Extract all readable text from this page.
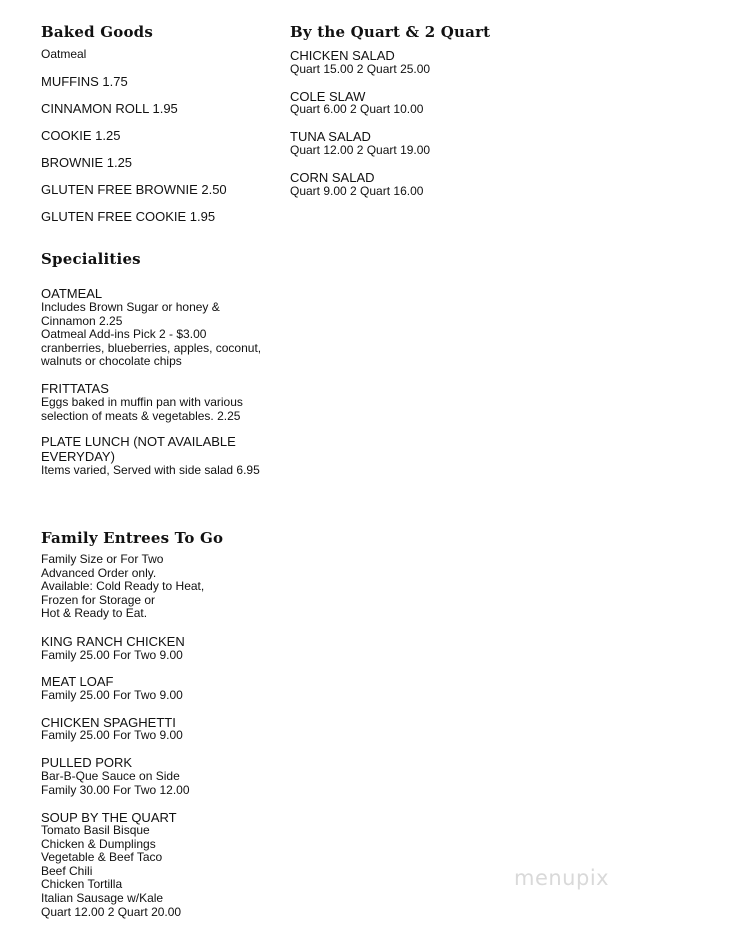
Baked Goods
Oatmeal
MUFFINS 1.75
CINNAMON ROLL 1.95
COOKIE 1.25
BROWNIE 1.25
GLUTEN FREE BROWNIE 2.50
GLUTEN FREE COOKIE 1.95
Specialities
OATMEAL
Includes Brown Sugar or honey &
Cinnamon 2.25
Oatmeal Add-ins Pick 2 - $3.00
cranberries, blueberries, apples, coconut,
walnuts or chocolate chips
FRITTATAS
Eggs baked in muffin pan with various
selection of meats & vegetables. 2.25
PLATE LUNCH (NOT AVAILABLE
EVERYDAY)
Items varied, Served with side salad 6.95
Family Entrees To Go
Family Size or For Two
Advanced Order only.
Available: Cold Ready to Heat,
Frozen for Storage or
Hot & Ready to Eat.
KING RANCH CHICKEN
Family 25.00 For Two 9.00
MEAT LOAF
Family 25.00 For Two 9.00
CHICKEN SPAGHETTI
Family 25.00 For Two 9.00
PULLED PORK
Bar-B-Que Sauce on Side
Family 30.00 For Two 12.00
SOUP BY THE QUART
Tomato Basil Bisque
Chicken & Dumplings
Vegetable & Beef Taco
Beef Chili
Chicken Tortilla
Italian Sausage w/Kale
Quart 12.00 2 Quart 20.00
By the Quart & 2 Quart
CHICKEN SALAD
Quart 15.00 2 Quart 25.00
COLE SLAW
Quart 6.00 2 Quart 10.00
TUNA SALAD
Quart 12.00 2 Quart 19.00
CORN SALAD
Quart 9.00 2 Quart 16.00
menupix
